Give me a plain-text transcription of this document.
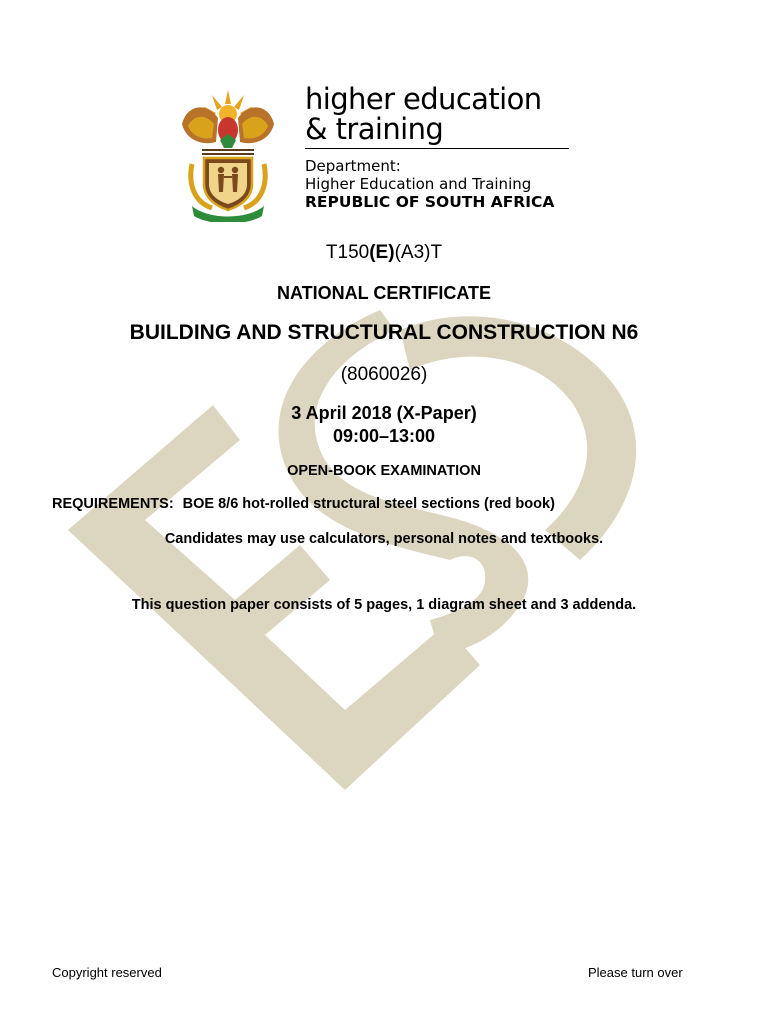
higher education
& training
Department:
Higher Education and Training
REPUBLIC OF SOUTH AFRICA
T150(E)(A3)T
NATIONAL CERTIFICATE
BUILDING AND STRUCTURAL CONSTRUCTION N6
(8060026)
3 April 2018 (X-Paper)
09:00–13:00
OPEN-BOOK EXAMINATION
REQUIREMENTS: BOE 8/6 hot-rolled structural steel sections (red book)
Candidates may use calculators, personal notes and textbooks.
This question paper consists of 5 pages, 1 diagram sheet and 3 addenda.
Copyright reserved	Please turn over
